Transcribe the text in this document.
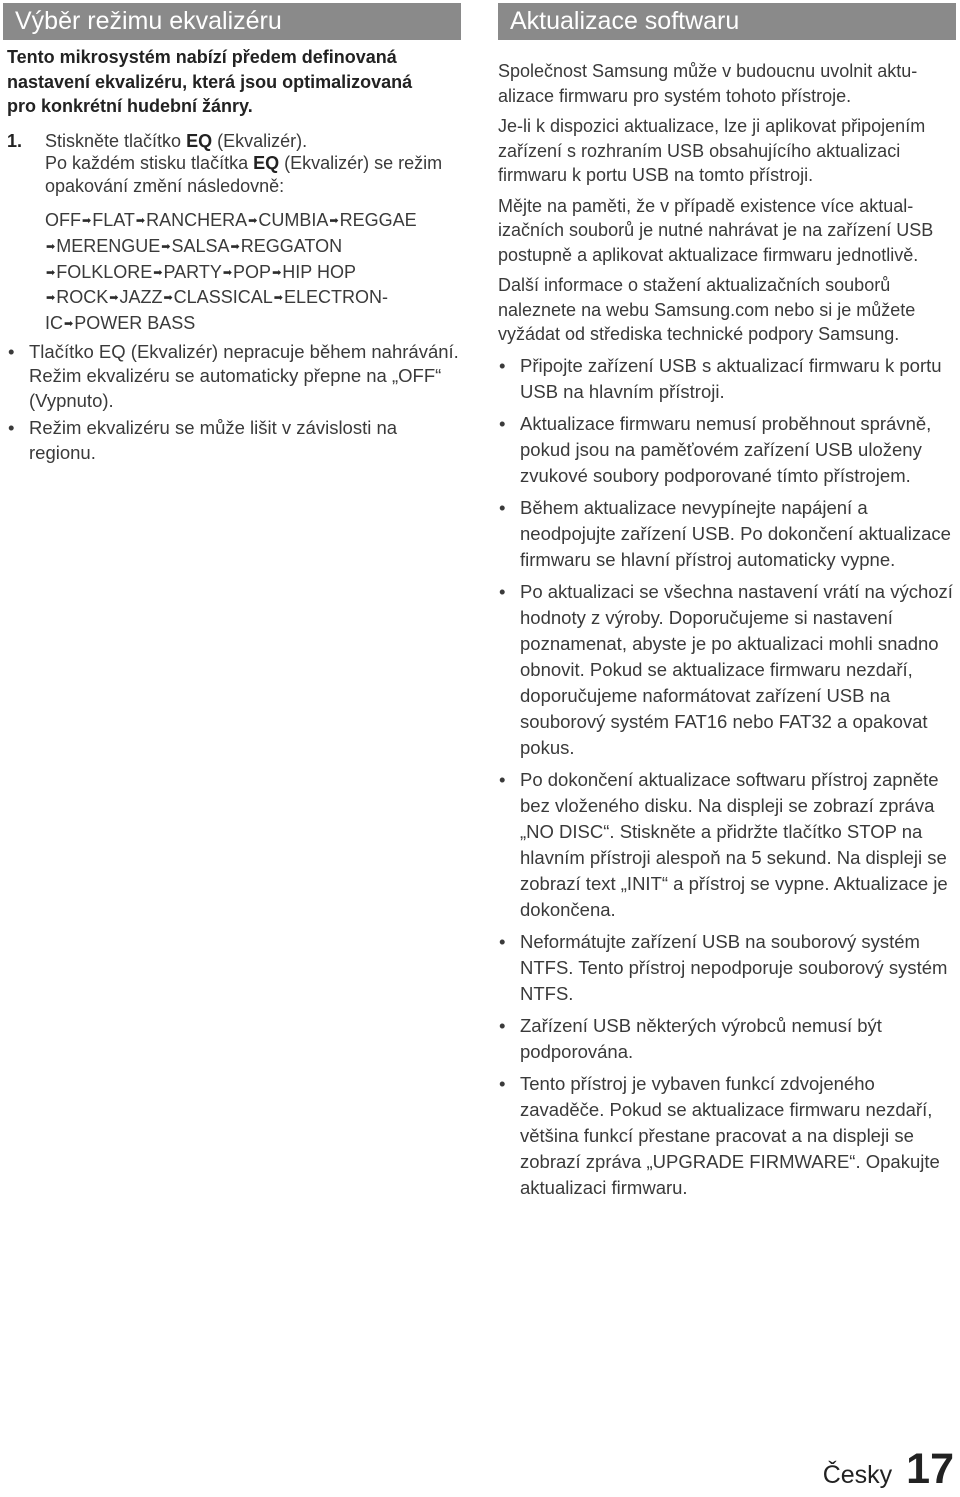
Výběr režimu ekvalizéru
Tento mikrosystém nabízí předem definovaná
nastavení ekvalizéru, která jsou optimalizovaná
pro konkrétní hudební žánry.
1. Stiskněte tlačítko EQ (Ekvalizér).
Po každém stisku tlačítka EQ (Ekvalizér) se režim
opakování změní následovně:
OFF➡FLAT➡RANCHERA➡CUMBIA➡REGGAE
➡MERENGUE➡SALSA➡REGGATON
➡FOLKLORE➡PARTY➡POP➡HIP HOP
➡ROCK➡JAZZ➡CLASSICAL➡ELECTRON-
IC➡POWER BASS
• Tlačítko EQ (Ekvalizér) nepracuje během nahrávání.
Režim ekvalizéru se automaticky přepne na „OFF“
(Vypnuto).
• Režim ekvalizéru se může lišit v závislosti na
regionu.
Aktualizace softwaru

Společnost Samsung může v budoucnu uvolnit aktu-
alizace firmwaru pro systém tohoto přístroje.

Je-li k dispozici aktualizace, lze ji aplikovat připojením
zařízení s rozhraním USB obsahujícího aktualizaci
firmwaru k portu USB na tomto přístroji.

Mějte na paměti, že v případě existence více aktual-
izačních souborů je nutné nahrávat je na zařízení USB
postupně a aplikovat aktualizace firmwaru jednotlivě.

Další informace o stažení aktualizačních souborů
naleznete na webu Samsung.com nebo si je můžete
vyžádat od střediska technické podpory Samsung.

• Připojte zařízení USB s aktualizací firmwaru k portu
USB na hlavním přístroji.
• Aktualizace firmwaru nemusí proběhnout správně,
pokud jsou na paměťovém zařízení USB uloženy
zvukové soubory podporované tímto přístrojem.
• Během aktualizace nevypínejte napájení a
neodpojujte zařízení USB. Po dokončení aktualizace
firmwaru se hlavní přístroj automaticky vypne.
• Po aktualizaci se všechna nastavení vrátí na výchozí
hodnoty z výroby. Doporučujeme si nastavení
poznamenat, abyste je po aktualizaci mohli snadno
obnovit. Pokud se aktualizace firmwaru nezdaří,
doporučujeme naformátovat zařízení USB na
souborový systém FAT16 nebo FAT32 a opakovat
pokus.
• Po dokončení aktualizace softwaru přístroj zapněte
bez vloženého disku. Na displeji se zobrazí zpráva
„NO DISC“. Stiskněte a přidržte tlačítko STOP na
hlavním přístroji alespoň na 5 sekund. Na displeji se
zobrazí text „INIT“ a přístroj se vypne. Aktualizace je
dokončena.
• Neformátujte zařízení USB na souborový systém
NTFS. Tento přístroj nepodporuje souborový systém
NTFS.
• Zařízení USB některých výrobců nemusí být
podporována.
• Tento přístroj je vybaven funkcí zdvojeného
zavaděče. Pokud se aktualizace firmwaru nezdaří,
většina funkcí přestane pracovat a na displeji se
zobrazí zpráva „UPGRADE FIRMWARE“. Opakujte
aktualizaci firmwaru.
Česky 17
